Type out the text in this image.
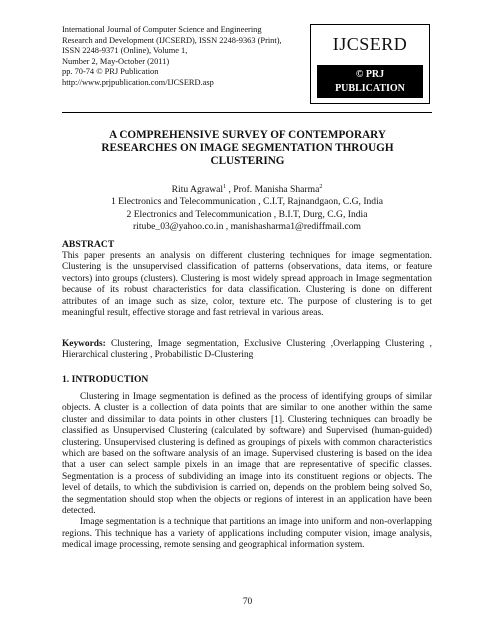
International Journal of Computer Science and Engineering
Research and Development (IJCSERD), ISSN 2248-9363 (Print),
ISSN 2248-9371 (Online), Volume 1,
Number 2, May-October (2011)
pp. 70-74 © PRJ Publication
http://www.prjpublication.com/IJCSERD.asp
IJCSERD
© PRJ
PUBLICATION
A COMPREHENSIVE SURVEY OF CONTEMPORARY RESEARCHES ON IMAGE SEGMENTATION THROUGH CLUSTERING
Ritu Agrawal$^1$ , Prof. Manisha Sharma$^2$
1 Electronics and Telecommunication , C.I.T, Rajnandgaon, C.G, India
2 Electronics and Telecommunication , B.I.T, Durg, C.G, India
ritube_03@yahoo.co.in , manishasharma1@rediffmail.com
ABSTRACT
This paper presents an analysis on different clustering techniques for image segmentation. Clustering is the unsupervised classification of patterns (observations, data items, or feature vectors) into groups (clusters). Clustering is most widely spread approach in Image segmentation because of its robust characteristics for data classification. Clustering is done on different attributes of an image such as size, color, texture etc. The purpose of clustering is to get meaningful result, effective storage and fast retrieval in various areas.
Keywords: Clustering, Image segmentation, Exclusive Clustering ,Overlapping Clustering , Hierarchical clustering , Probabilistic D-Clustering
1. INTRODUCTION

Clustering in Image segmentation is defined as the process of identifying groups of similar objects. A cluster is a collection of data points that are similar to one another within the same cluster and dissimilar to data points in other clusters [1]. Clustering techniques can broadly be classified as Unsupervised Clustering (calculated by software) and Supervised (human-guided) clustering. Unsupervised clustering is defined as groupings of pixels with common characteristics which are based on the software analysis of an image. Supervised clustering is based on the idea that a user can select sample pixels in an image that are representative of specific classes. Segmentation is a process of subdividing an image into its constituent regions or objects. The level of details, to which the subdivision is carried on, depends on the problem being solved So, the segmentation should stop when the objects or regions of interest in an application have been detected.

Image segmentation is a technique that partitions an image into uniform and non-overlapping regions. This technique has a variety of applications including computer vision, image analysis, medical image processing, remote sensing and geographical information system.

70
